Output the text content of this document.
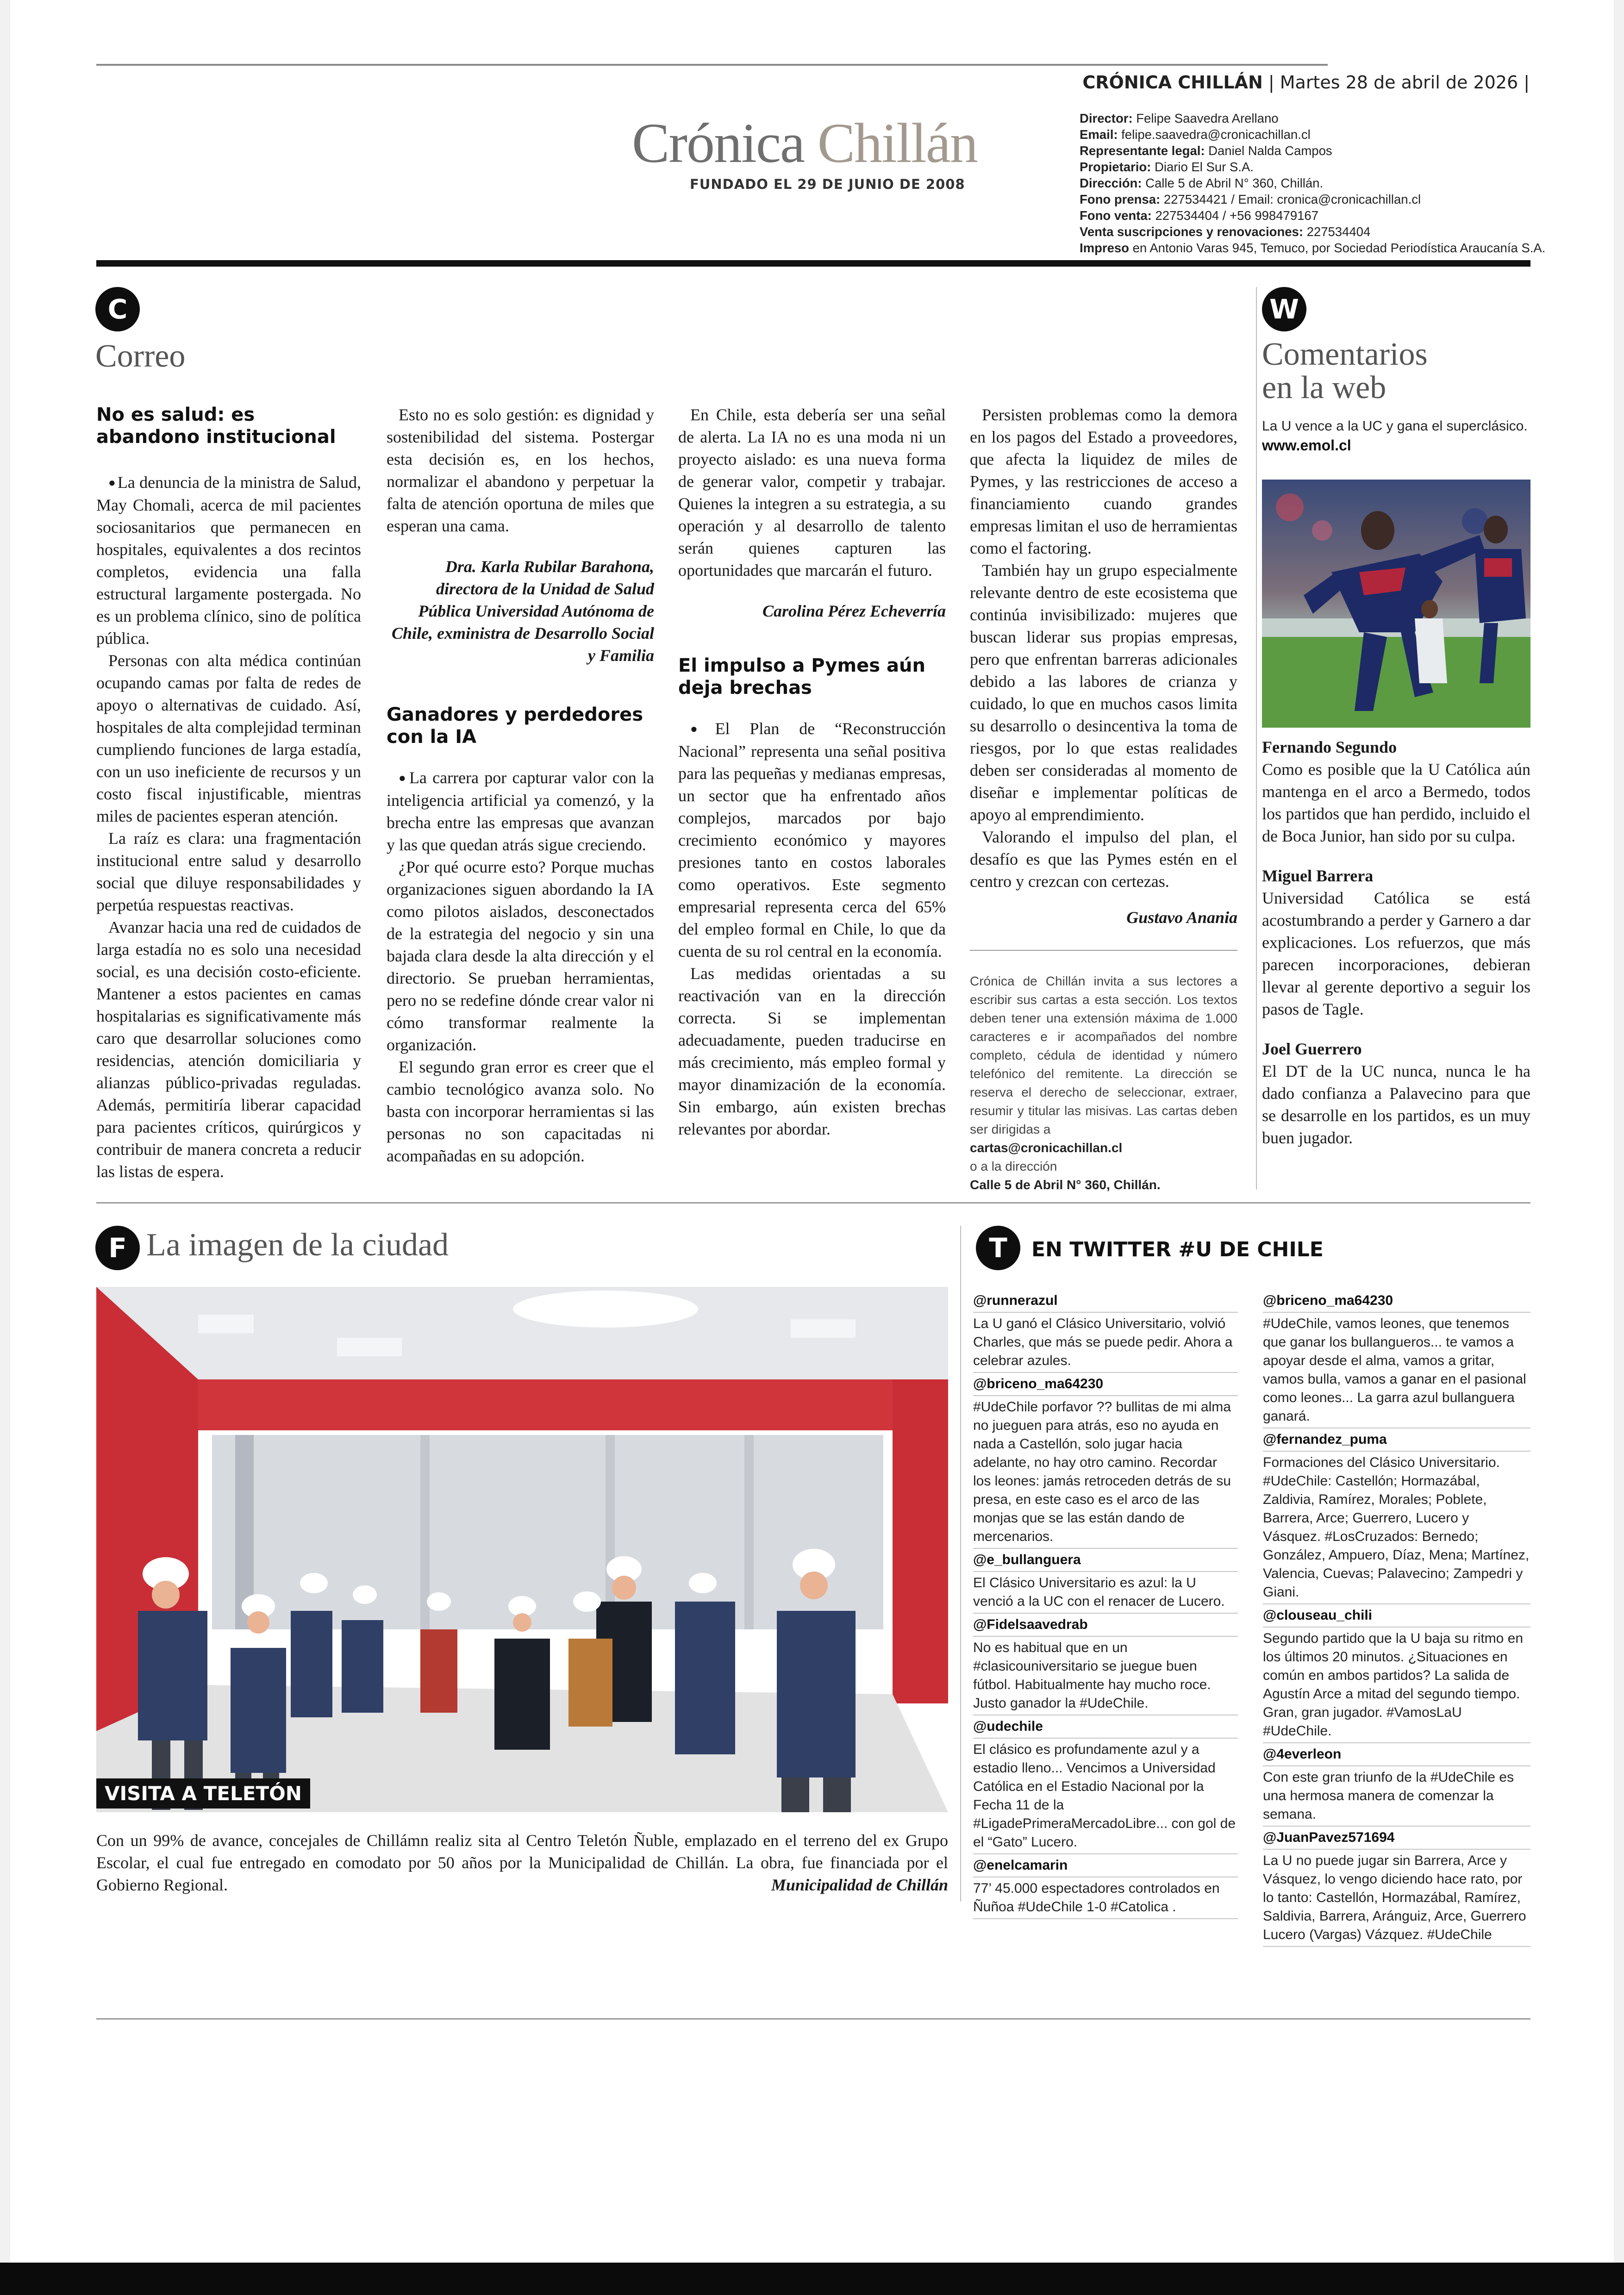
CRÓNICA CHILLÁN | Martes 28 de abril de 2026 |
Crónica Chillán
FUNDADO EL 29 DE JUNIO DE 2008
Director: Felipe Saavedra Arellano
Email: felipe.saavedra@cronicachillan.cl
Representante legal: Daniel Nalda Campos
Propietario: Diario El Sur S.A.
Dirección: Calle 5 de Abril N° 360, Chillán.
Fono prensa: 227534421 / Email: cronica@cronicachillan.cl
Fono venta: 227534404 / +56 998479167
Venta suscripciones y renovaciones: 227534404
Impreso en Antonio Varas 945, Temuco, por Sociedad Periodística Araucanía S.A.
C
Correo
No es salud: es abandono institucional

● La denuncia de la ministra de Salud, May Chomali, acerca de mil pacientes sociosanitarios que permanecen en hospitales, equivalentes a dos recintos completos, evidencia una falla estructural largamente postergada. No es un problema clínico, sino de política pública.

Personas con alta médica continúan ocupando camas por falta de redes de apoyo o alternativas de cuidado. Así, hospitales de alta complejidad terminan cumpliendo funciones de larga estadía, con un uso ineficiente de recursos y un costo fiscal injustificable, mientras miles de pacientes esperan atención.

La raíz es clara: una fragmentación institucional entre salud y desarrollo social que diluye responsabilidades y perpetúa respuestas reactivas.

Avanzar hacia una red de cuidados de larga estadía no es solo una necesidad social, es una decisión costo-eficiente. Mantener a estos pacientes en camas hospitalarias es significativamente más caro que desarrollar soluciones como residencias, atención domiciliaria y alianzas público-privadas reguladas. Además, permitiría liberar capacidad para pacientes críticos, quirúrgicos y contribuir de manera concreta a reducir las listas de espera.

Esto no es solo gestión: es dignidad y sostenibilidad del sistema. Postergar esta decisión es, en los hechos, normalizar el abandono y perpetuar la falta de atención oportuna de miles que esperan una cama.

Dra. Karla Rubilar Barahona,

directora de la Unidad de Salud Pública Universidad Autónoma de Chile, exministra de Desarrollo Social y Familia

Ganadores y perdedores con la IA

● La carrera por capturar valor con la inteligencia artificial ya comenzó, y la brecha entre las empresas que avanzan y las que quedan atrás sigue creciendo.

¿Por qué ocurre esto? Porque muchas organizaciones siguen abordando la IA como pilotos aislados, desconectados de la estrategia del negocio y sin una bajada clara desde la alta dirección y el directorio. Se prueban herramientas, pero no se redefine dónde crear valor ni cómo transformar realmente la organización.

El segundo gran error es creer que el cambio tecnológico avanza solo. No basta con incorporar herramientas si las personas no son capacitadas ni acompañadas en su adopción.

En Chile, esta debería ser una señal de alerta. La IA no es una moda ni un proyecto aislado: es una nueva forma de generar valor, competir y trabajar. Quienes la integren a su estrategia, a su operación y al desarrollo de talento serán quienes capturen las oportunidades que marcarán el futuro.

Carolina Pérez Echeverría

El impulso a Pymes aún deja brechas

● El Plan de “Reconstrucción Nacional” representa una señal positiva para las pequeñas y medianas empresas, un sector que ha enfrentado años complejos, marcados por bajo crecimiento económico y mayores presiones tanto en costos laborales como operativos. Este segmento empresarial representa cerca del 65% del empleo formal en Chile, lo que da cuenta de su rol central en la economía.

Las medidas orientadas a su reactivación van en la dirección correcta. Si se implementan adecuadamente, pueden traducirse en más crecimiento, más empleo formal y mayor dinamización de la economía. Sin embargo, aún existen brechas relevantes por abordar.

Persisten problemas como la demora en los pagos del Estado a proveedores, que afecta la liquidez de miles de Pymes, y las restricciones de acceso a financiamiento cuando grandes empresas limitan el uso de herramientas como el factoring.

También hay un grupo especialmente relevante dentro de este ecosistema que continúa invisibilizado: mujeres que buscan liderar sus propias empresas, pero que enfrentan barreras adicionales debido a las labores de crianza y cuidado, lo que en muchos casos limita su desarrollo o desincentiva la toma de riesgos, por lo que estas realidades deben ser consideradas al momento de diseñar e implementar políticas de apoyo al emprendimiento.

Valorando el impulso del plan, el desafío es que las Pymes estén en el centro y crezcan con certezas.

Gustavo Anania

Crónica de Chillán invita a sus lectores a escribir sus cartas a esta sección. Los textos deben tener una extensión máxima de 1.000 caracteres e ir acompañados del nombre completo, cédula de identidad y número telefónico del remitente. La dirección se reserva el derecho de seleccionar, extraer, resumir y titular las misivas. Las cartas deben ser dirigidas a
cartas@cronicachillan.cl
o a la dirección
Calle 5 de Abril N° 360, Chillán.
W
Comentarios
en la web
La U vence a la UC y gana el superclásico.
www.emol.cl
Fernando Segundo
Como es posible que la U Católica aún mantenga en el arco a Bermedo, todos los partidos que han perdido, incluido el de Boca Junior, han sido por su culpa.
Miguel Barrera
Universidad Católica se está acostumbrando a perder y Garnero a dar explicaciones. Los refuerzos, que más parecen incorporaciones, debieran llevar al gerente deportivo a seguir los pasos de Tagle.
Joel Guerrero
El DT de la UC nunca, nunca le ha dado confianza a Palavecino para que se desarrolle en los partidos, es un muy buen jugador.
F La imagen de la ciudad
VISITA A TELETÓN
Con un 99% de avance, concejales de Chillámn realiz sita al Centro Teletón Ñuble, emplazado en el terreno del ex Grupo Escolar, el cual fue entregado en comodato por 50 años por la Municipalidad de Chillán. La obra, fue financiada por el Gobierno Regional.	Municipalidad de Chillán
T	EN TWITTER #U DE CHILE
@runnerazul
La U ganó el Clásico Universitario, volvió Charles, que más se puede pedir. Ahora a celebrar azules.
@briceno_ma64230
#UdeChile porfavor ?? bullitas de mi alma no jueguen para atrás, eso no ayuda en nada a Castellón, solo jugar hacia adelante, no hay otro camino. Recordar los leones: jamás retroceden detrás de su presa, en este caso es el arco de las monjas que se las están dando de mercenarios.
@e_bullanguera
El Clásico Universitario es azul: la U venció a la UC con el renacer de Lucero.
@Fidelsaavedrab
No es habitual que en un #clasicouniversitario se juegue buen fútbol. Habitualmente hay mucho roce. Justo ganador la #UdeChile.
@udechile
El clásico es profundamente azul y a estadio lleno... Vencimos a Universidad Católica en el Estadio Nacional por la Fecha 11 de la #LigadePrimeraMercadoLibre... con gol de el “Gato” Lucero.
@enelcamarin
77’ 45.000 espectadores controlados en Ñuñoa #UdeChile 1-0 #Catolica .
@briceno_ma64230
#UdeChile, vamos leones, que tenemos que ganar los bullangueros... te vamos a apoyar desde el alma, vamos a gritar, vamos bulla, vamos a ganar en el pasional como leones... La garra azul bullanguera ganará.
@fernandez_puma
Formaciones del Clásico Universitario. #UdeChile: Castellón; Hormazábal, Zaldivia, Ramírez, Morales; Poblete, Barrera, Arce; Guerrero, Lucero y Vásquez. #LosCruzados: Bernedo; González, Ampuero, Díaz, Mena; Martínez, Valencia, Cuevas; Palavecino; Zampedri y Giani.
@clouseau_chili
Segundo partido que la U baja su ritmo en los últimos 20 minutos. ¿Situaciones en común en ambos partidos? La salida de Agustín Arce a mitad del segundo tiempo. Gran, gran jugador. #VamosLaU #UdeChile.
@4everleon
Con este gran triunfo de la #UdeChile es una hermosa manera de comenzar la semana.
@JuanPavez571694
La U no puede jugar sin Barrera, Arce y Vásquez, lo vengo diciendo hace rato, por lo tanto: Castellón, Hormazábal, Ramírez, Saldivia, Barrera, Aránguiz, Arce, Guerrero Lucero (Vargas) Vázquez. #UdeChile
